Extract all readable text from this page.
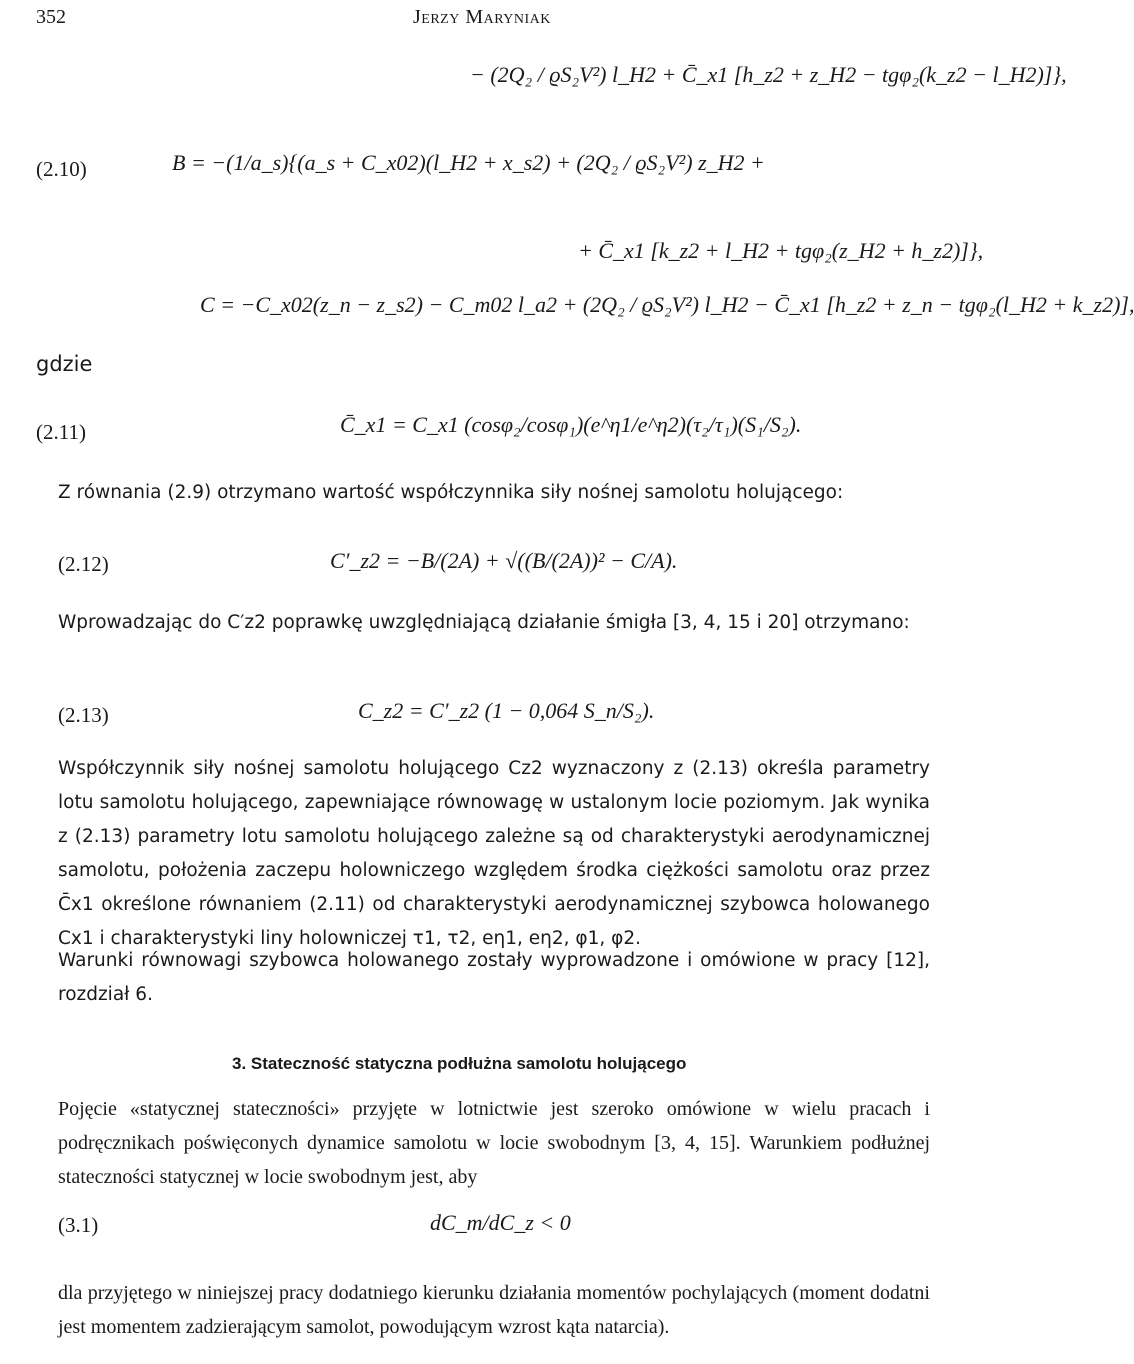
352	Jerzy Maryniak
− (2Q₂ / ϱS₂V²) l_H2 + C̄_x1 [h_z2 + z_H2 − tgφ₂(k_z2 − l_H2)]},
(2.10)	B = −(1/a_s){(a_s + C_x02)(l_H2 + x_s2) + (2Q₂ / ϱS₂V²) z_H2 +
+ C̄_x1 [k_z2 + l_H2 + tgφ₂(z_H2 + h_z2)]},
C = −C_x02(z_n − z_s2) − C_m02 l_a2 + (2Q₂ / ϱS₂V²) l_H2 − C̄_x1 [h_z2 + z_n − tgφ₂(l_H2 + k_z2)],
gdzie
(2.11)	C̄_x1 = C_x1 (cosφ₂/cosφ₁)(e^η1/e^η2)(τ₂/τ₁)(S₁/S₂).
Z równania (2.9) otrzymano wartość współczynnika siły nośnej samolotu holującego:
(2.12)	C′_z2 = −B/(2A) + √((B/(2A))² − C/A).
Wprowadzając do C′z2 poprawkę uwzględniającą działanie śmigła [3, 4, 15 i 20] otrzymano:
(2.13)	C_z2 = C′_z2 (1 − 0,064 S_n/S₂).
Współczynnik siły nośnej samolotu holującego Cz2 wyznaczony z (2.13) określa parametry lotu samolotu holującego, zapewniające równowagę w ustalonym locie poziomym. Jak wynika z (2.13) parametry lotu samolotu holującego zależne są od charakterystyki aerodynamicznej samolotu, położenia zaczepu holowniczego względem środka ciężkości samolotu oraz przez C̄x1 określone równaniem (2.11) od charakterystyki aerodynamicznej szybowca holowanego Cx1 i charakterystyki liny holowniczej τ1, τ2, eη1, eη2, φ1, φ2.
Warunki równowagi szybowca holowanego zostały wyprowadzone i omówione w pracy [12], rozdział 6.
3. Stateczność statyczna podłużna samolotu holującego
Pojęcie «statycznej stateczności» przyjęte w lotnictwie jest szeroko omówione w wielu pracach i podręcznikach poświęconych dynamice samolotu w locie swobodnym [3, 4, 15]. Warunkiem podłużnej stateczności statycznej w locie swobodnym jest, aby
(3.1)	dC_m/dC_z < 0
dla przyjętego w niniejszej pracy dodatniego kierunku działania momentów pochylających (moment dodatni jest momentem zadzierającym samolot, powodującym wzrost kąta natarcia).
